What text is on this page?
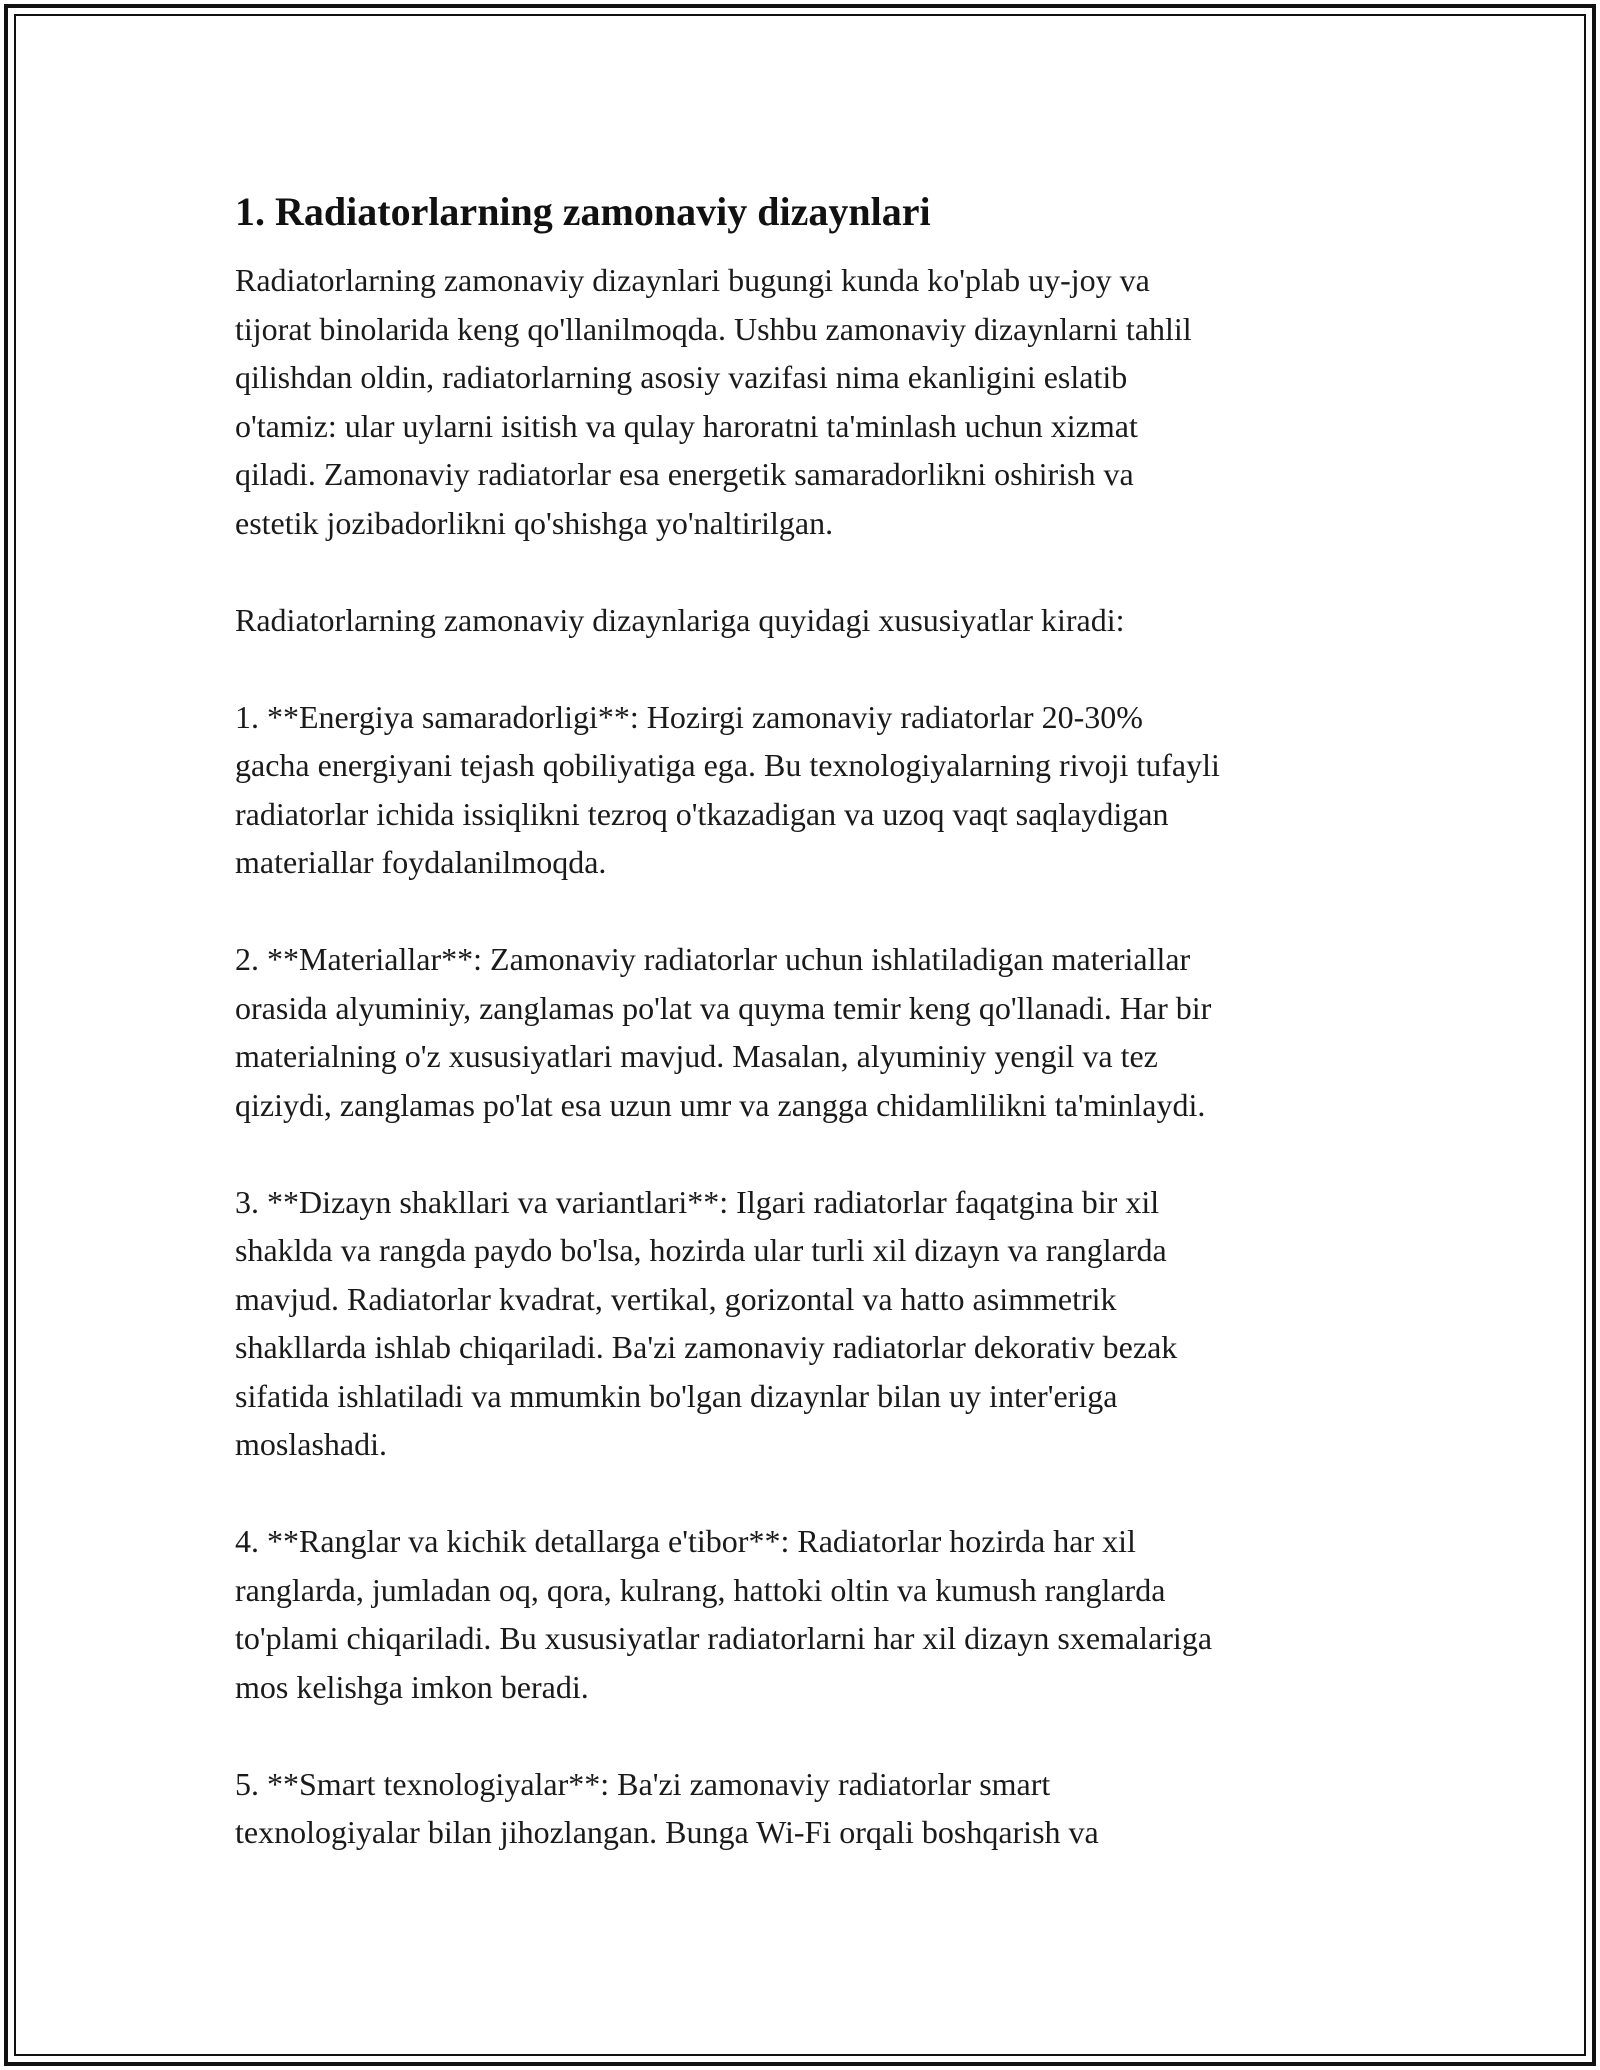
1. Radiatorlarning zamonaviy dizaynlari

Radiatorlarning zamonaviy dizaynlari bugungi kunda ko'plab uy-joy va
tijorat binolarida keng qo'llanilmoqda. Ushbu zamonaviy dizaynlarni tahlil
qilishdan oldin, radiatorlarning asosiy vazifasi nima ekanligini eslatib
o'tamiz: ular uylarni isitish va qulay haroratni ta'minlash uchun xizmat
qiladi. Zamonaviy radiatorlar esa energetik samaradorlikni oshirish va
estetik jozibadorlikni qo'shishga yo'naltirilgan.

Radiatorlarning zamonaviy dizaynlariga quyidagi xususiyatlar kiradi:

1. **Energiya samaradorligi**: Hozirgi zamonaviy radiatorlar 20-30%
gacha energiyani tejash qobiliyatiga ega. Bu texnologiyalarning rivoji tufayli
radiatorlar ichida issiqlikni tezroq o'tkazadigan va uzoq vaqt saqlaydigan
materiallar foydalanilmoqda.

2. **Materiallar**: Zamonaviy radiatorlar uchun ishlatiladigan materiallar
orasida alyuminiy, zanglamas po'lat va quyma temir keng qo'llanadi. Har bir
materialning o'z xususiyatlari mavjud. Masalan, alyuminiy yengil va tez
qiziydi, zanglamas po'lat esa uzun umr va zangga chidamlilikni ta'minlaydi.

3. **Dizayn shakllari va variantlari**: Ilgari radiatorlar faqatgina bir xil
shaklda va rangda paydo bo'lsa, hozirda ular turli xil dizayn va ranglarda
mavjud. Radiatorlar kvadrat, vertikal, gorizontal va hatto asimmetrik
shakllarda ishlab chiqariladi. Ba'zi zamonaviy radiatorlar dekorativ bezak
sifatida ishlatiladi va mmumkin bo'lgan dizaynlar bilan uy inter'eriga
moslashadi.

4. **Ranglar va kichik detallarga e'tibor**: Radiatorlar hozirda har xil
ranglarda, jumladan oq, qora, kulrang, hattoki oltin va kumush ranglarda
to'plami chiqariladi. Bu xususiyatlar radiatorlarni har xil dizayn sxemalariga
mos kelishga imkon beradi.

5. **Smart texnologiyalar**: Ba'zi zamonaviy radiatorlar smart
texnologiyalar bilan jihozlangan. Bunga Wi-Fi orqali boshqarish va
